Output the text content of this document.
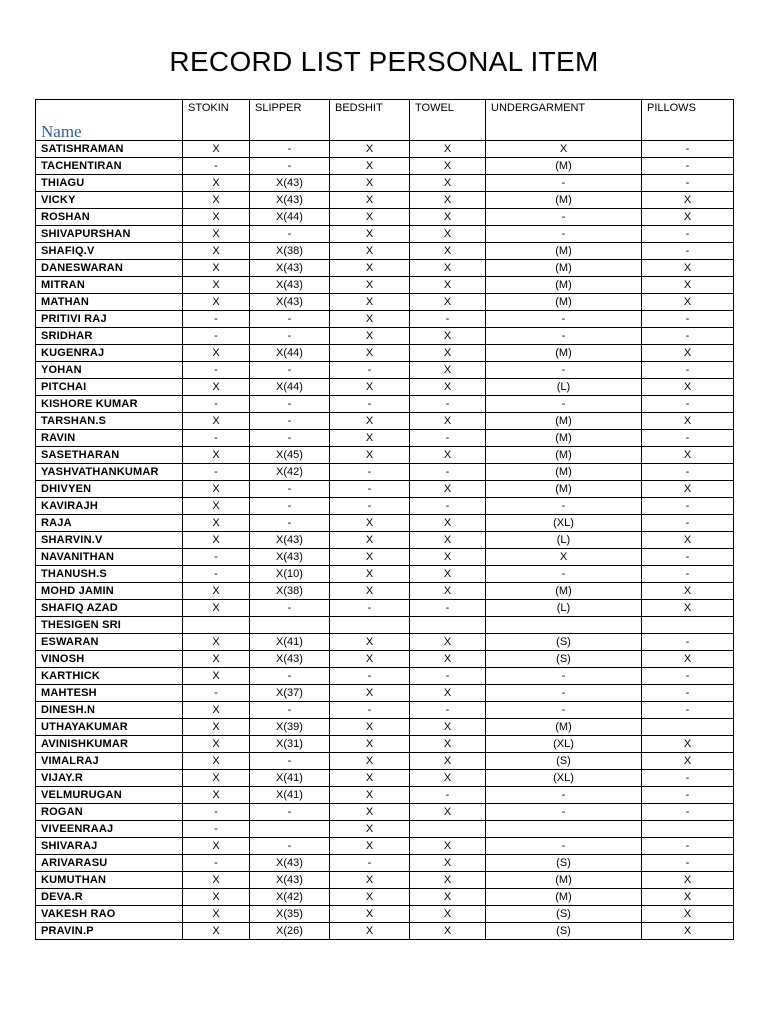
RECORD LIST PERSONAL ITEM
Name	STOKIN	SLIPPER	BEDSHIT	TOWEL	UNDERGARMENT	PILLOWS
SATISHRAMAN	X	-	X	X	X	-
TACHENTIRAN	-	-	X	X	(M)	-
THIAGU	X	X(43)	X	X	-	-
VICKY	X	X(43)	X	X	(M)	X
ROSHAN	X	X(44)	X	X	-	X
SHIVAPURSHAN	X	-	X	X	-	-
SHAFIQ.V	X	X(38)	X	X	(M)	-
DANESWARAN	X	X(43)	X	X	(M)	X
MITRAN	X	X(43)	X	X	(M)	X
MATHAN	X	X(43)	X	X	(M)	X
PRITIVI RAJ	-	-	X	-	-	-
SRIDHAR	-	-	X	X	-	-
KUGENRAJ	X	X(44)	X	X	(M)	X
YOHAN	-	-	-	X	-	-
PITCHAI	X	X(44)	X	X	(L)	X
KISHORE KUMAR	-	-	-	-	-	-
TARSHAN.S	X	-	X	X	(M)	X
RAVIN	-	-	X	-	(M)	-
SASETHARAN	X	X(45)	X	X	(M)	X
YASHVATHANKUMAR	-	X(42)	-	-	(M)	-
DHIVYEN	X	-	-	X	(M)	X
KAVIRAJH	X	-	-	-	-	-
RAJA	X	-	X	X	(XL)	-
SHARVIN.V	X	X(43)	X	X	(L)	X
NAVANITHAN	-	X(43)	X	X	X	-
THANUSH.S	-	X(10)	X	X	-	-
MOHD JAMIN	X	X(38)	X	X	(M)	X
SHAFIQ AZAD	X	-	-	-	(L)	X
THESIGEN SRI						
ESWARAN	X	X(41)	X	X	(S)	-
VINOSH	X	X(43)	X	X	(S)	X
KARTHICK	X	-	-	-	-	-
MAHTESH	-	X(37)	X	X	-	-
DINESH.N	X	-	-	-	-	-
UTHAYAKUMAR	X	X(39)	X	X	(M)	
AVINISHKUMAR	X	X(31)	X	X	(XL)	X
VIMALRAJ	X	-	X	X	(S)	X
VIJAY.R	X	X(41)	X	X	(XL)	-
VELMURUGAN	X	X(41)	X	-	-	-
ROGAN	-	-	X	X	-	-
VIVEENRAAJ	-		X			
SHIVARAJ	X	-	X	X	-	-
ARIVARASU	-	X(43)	-	X	(S)	-
KUMUTHAN	X	X(43)	X	X	(M)	X
DEVA.R	X	X(42)	X	X	(M)	X
VAKESH RAO	X	X(35)	X	X	(S)	X
PRAVIN.P	X	X(26)	X	X	(S)	X
